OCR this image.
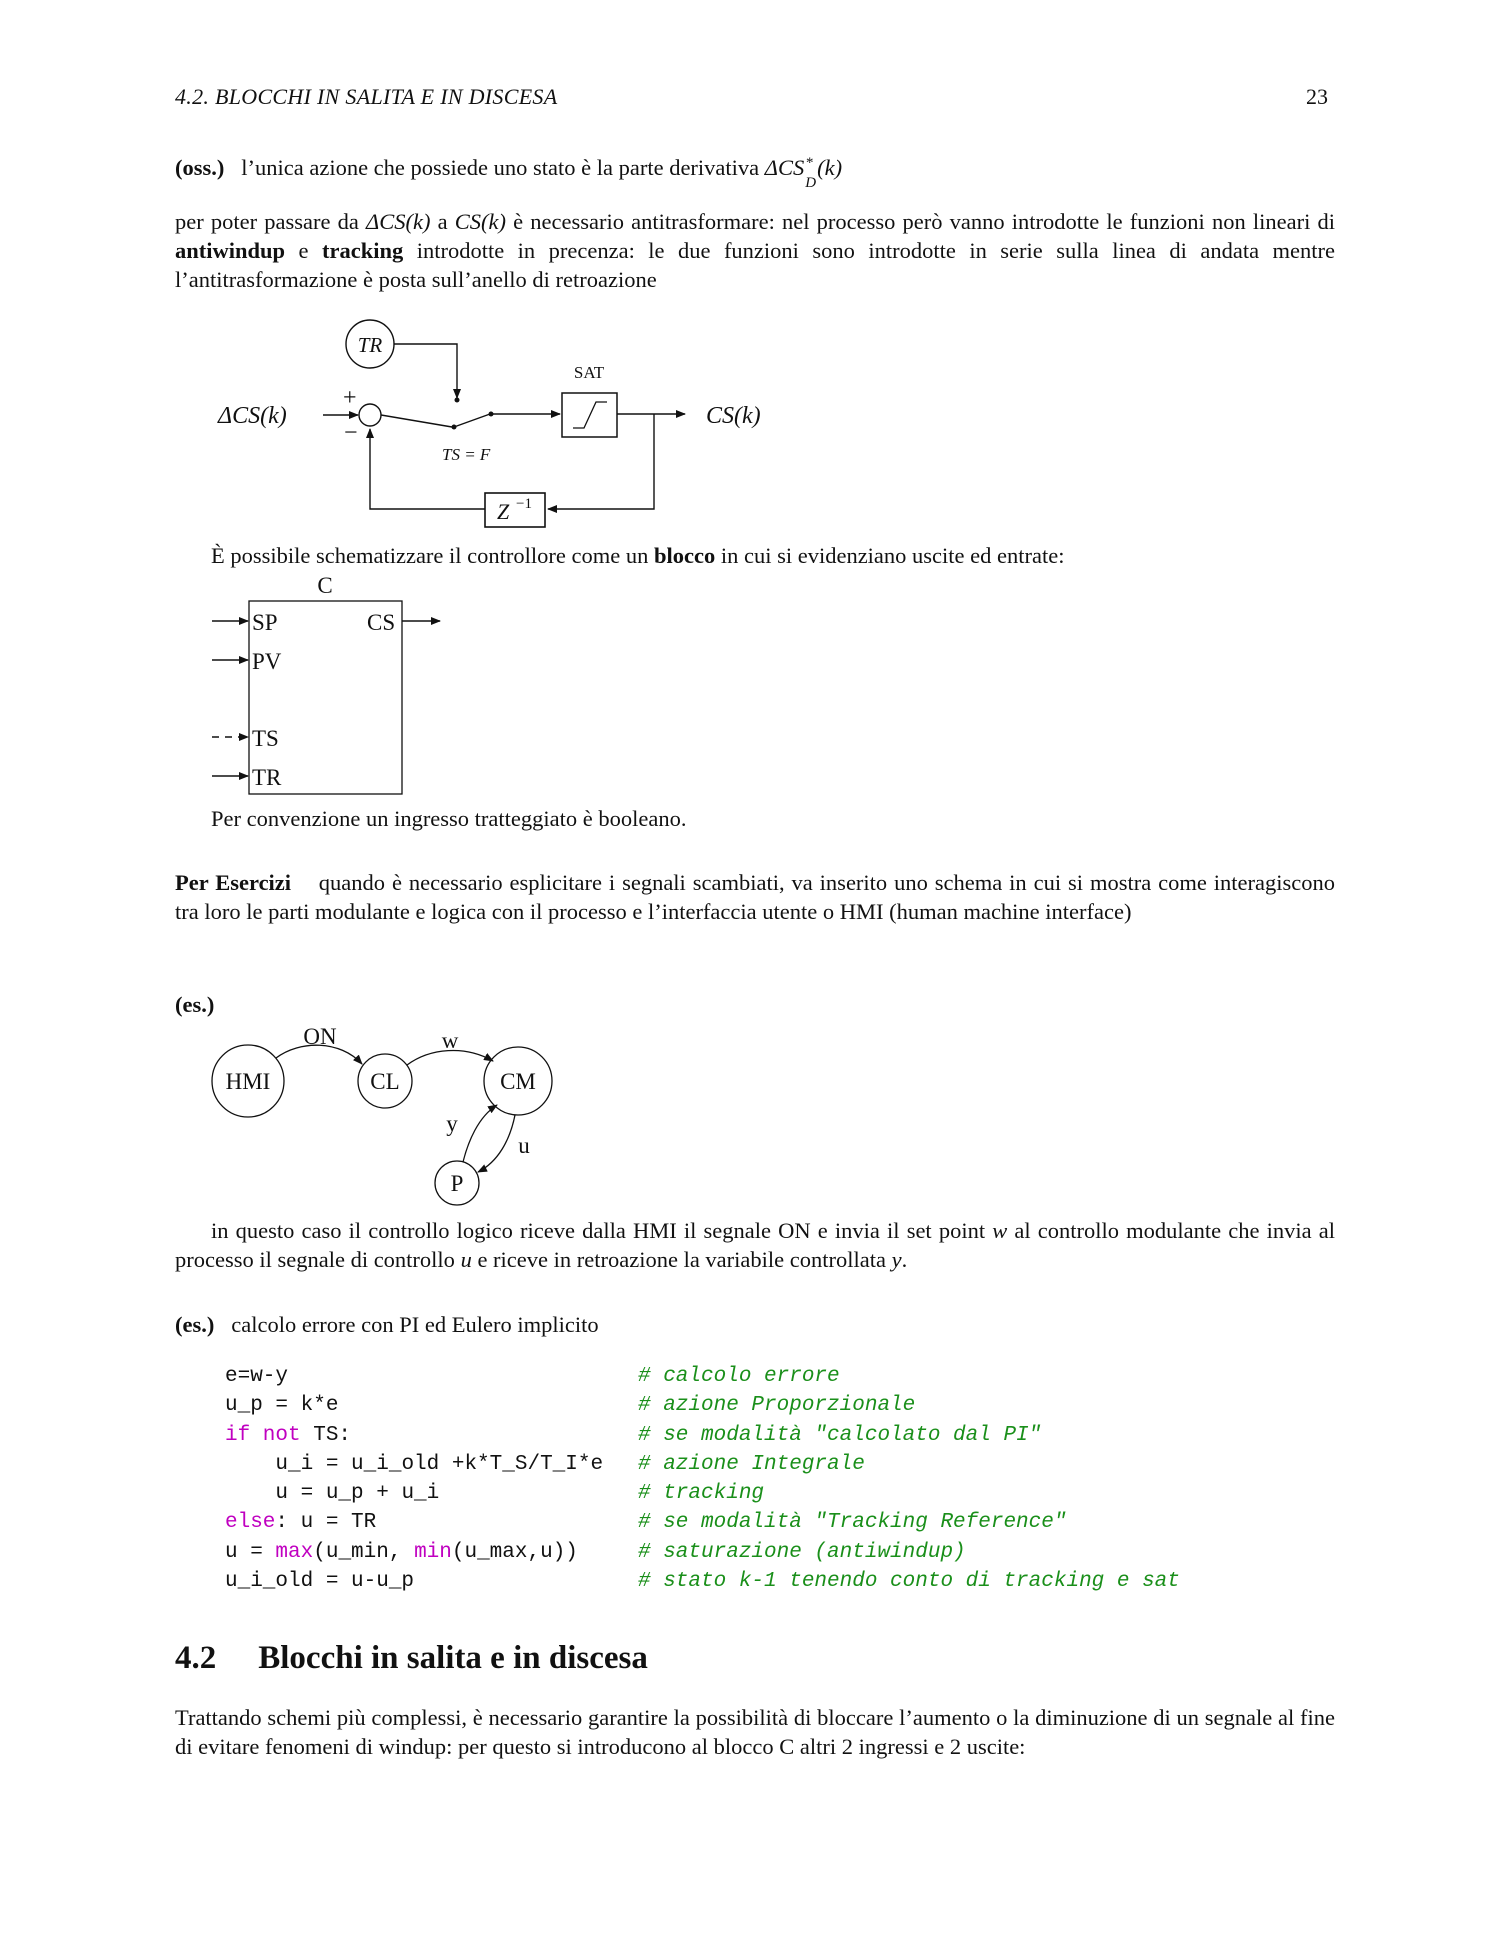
4.2. BLOCCHI IN SALITA E IN DISCESA	23
(oss.) l’unica azione che possiede uno stato è la parte derivativa ΔCS *
$_D$(k)
per poter passare da ΔCS(k) a CS(k) è necessario antitrasformare: nel processo però vanno introdotte le funzioni non lineari di antiwindup e tracking introdotte in precenza: le due funzioni sono introdotte in serie sulla linea di andata mentre l’antitrasformazione è posta sull’anello di retroazione
TR
ΔCS(k)
+
−
TS = F
SAT
CS(k)
Z −1
C
SP
PV
TS
TR
CS
HMI	CL	CM
P
ON	w
y
u
È possibile schematizzare il controllore come un blocco in cui si evidenziano uscite ed entrate:
Per convenzione un ingresso tratteggiato è booleano.
Per Esercizi quando è necessario esplicitare i segnali scambiati, va inserito uno schema in cui si mostra come interagiscono tra loro le parti modulante e logica con il processo e l’interfaccia utente o HMI (human machine interface)
(es.)
in questo caso il controllo logico riceve dalla HMI il segnale ON e invia il set point w al controllo modulante che invia al processo il segnale di controllo u e riceve in retroazione la variabile controllata y.
(es.) calcolo errore con PI ed Eulero implicito
e=w-y	# calcolo errore
u_p = k*e	# azione Proporzionale
if not TS:	# se modalità "calcolato dal PI"
u_i = u_i_old +k*T_S/T_I*e # azione Integrale
u = u_p + u_i	# tracking
else: u = TR	# se modalità "Tracking Reference"
u = max(u_min, min(u_max,u))	# saturazione (antiwindup)
u_i_old = u-u_p	# stato k-1 tenendo conto di tracking e sat
4.2 Blocchi in salita e in discesa
Trattando schemi più complessi, è necessario garantire la possibilità di bloccare l’aumento o la diminuzione di un segnale al fine di evitare fenomeni di windup: per questo si introducono al blocco C altri 2 ingressi e 2 uscite:
